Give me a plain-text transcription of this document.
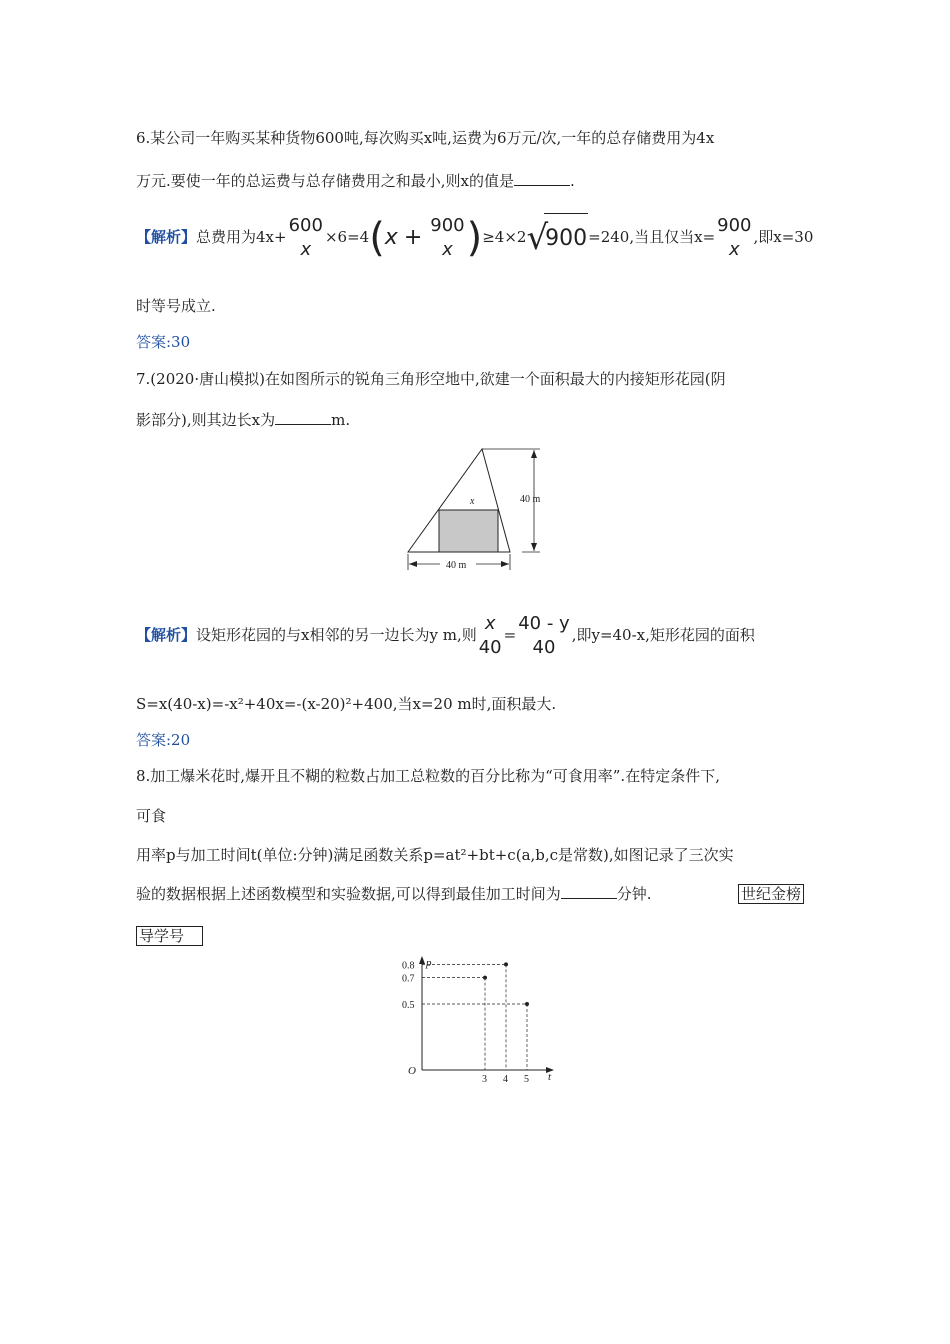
6.某公司一年购买某种货物600吨,每次购买x吨,运费为6万元/次,一年的总存储费用为4x
万元.要使一年的总运费与总存储费用之和最小,则x的值是	.
【解析】总费用为4x+
600
x
×6=4(x + 900
x )≥4×2√900=240,当且仅当x=
900
x
,即x=30
时等号成立.
答案:30
7.(2020·唐山模拟)在如图所示的锐角三角形空地中,欲建一个面积最大的内接矩形花园(阴
影部分),则其边长x为	m.
40 m
x
40 m
【解析】设矩形花园的与x相邻的另一边长为y m,则
x
40
=
40 - y
40
,即y=40-x,矩形花园的面积
S=x(40-x)=-x²+40x=-(x-20)²+400,当x=20 m时,面积最大.
答案:20
8.加工爆米花时,爆开且不糊的粒数占加工总粒数的百分比称为“可食用率”.在特定条件下,
可食
用率p与加工时间t(单位:分钟)满足函数关系p=at²+bt+c(a,b,c是常数),如图记录了三次实
验的数据根据上述函数模型和实验数据,可以得到最佳加工时间为	分钟.	世纪金榜
导学号
p
t
O
3 4 5
0.7
0.8
0.5
